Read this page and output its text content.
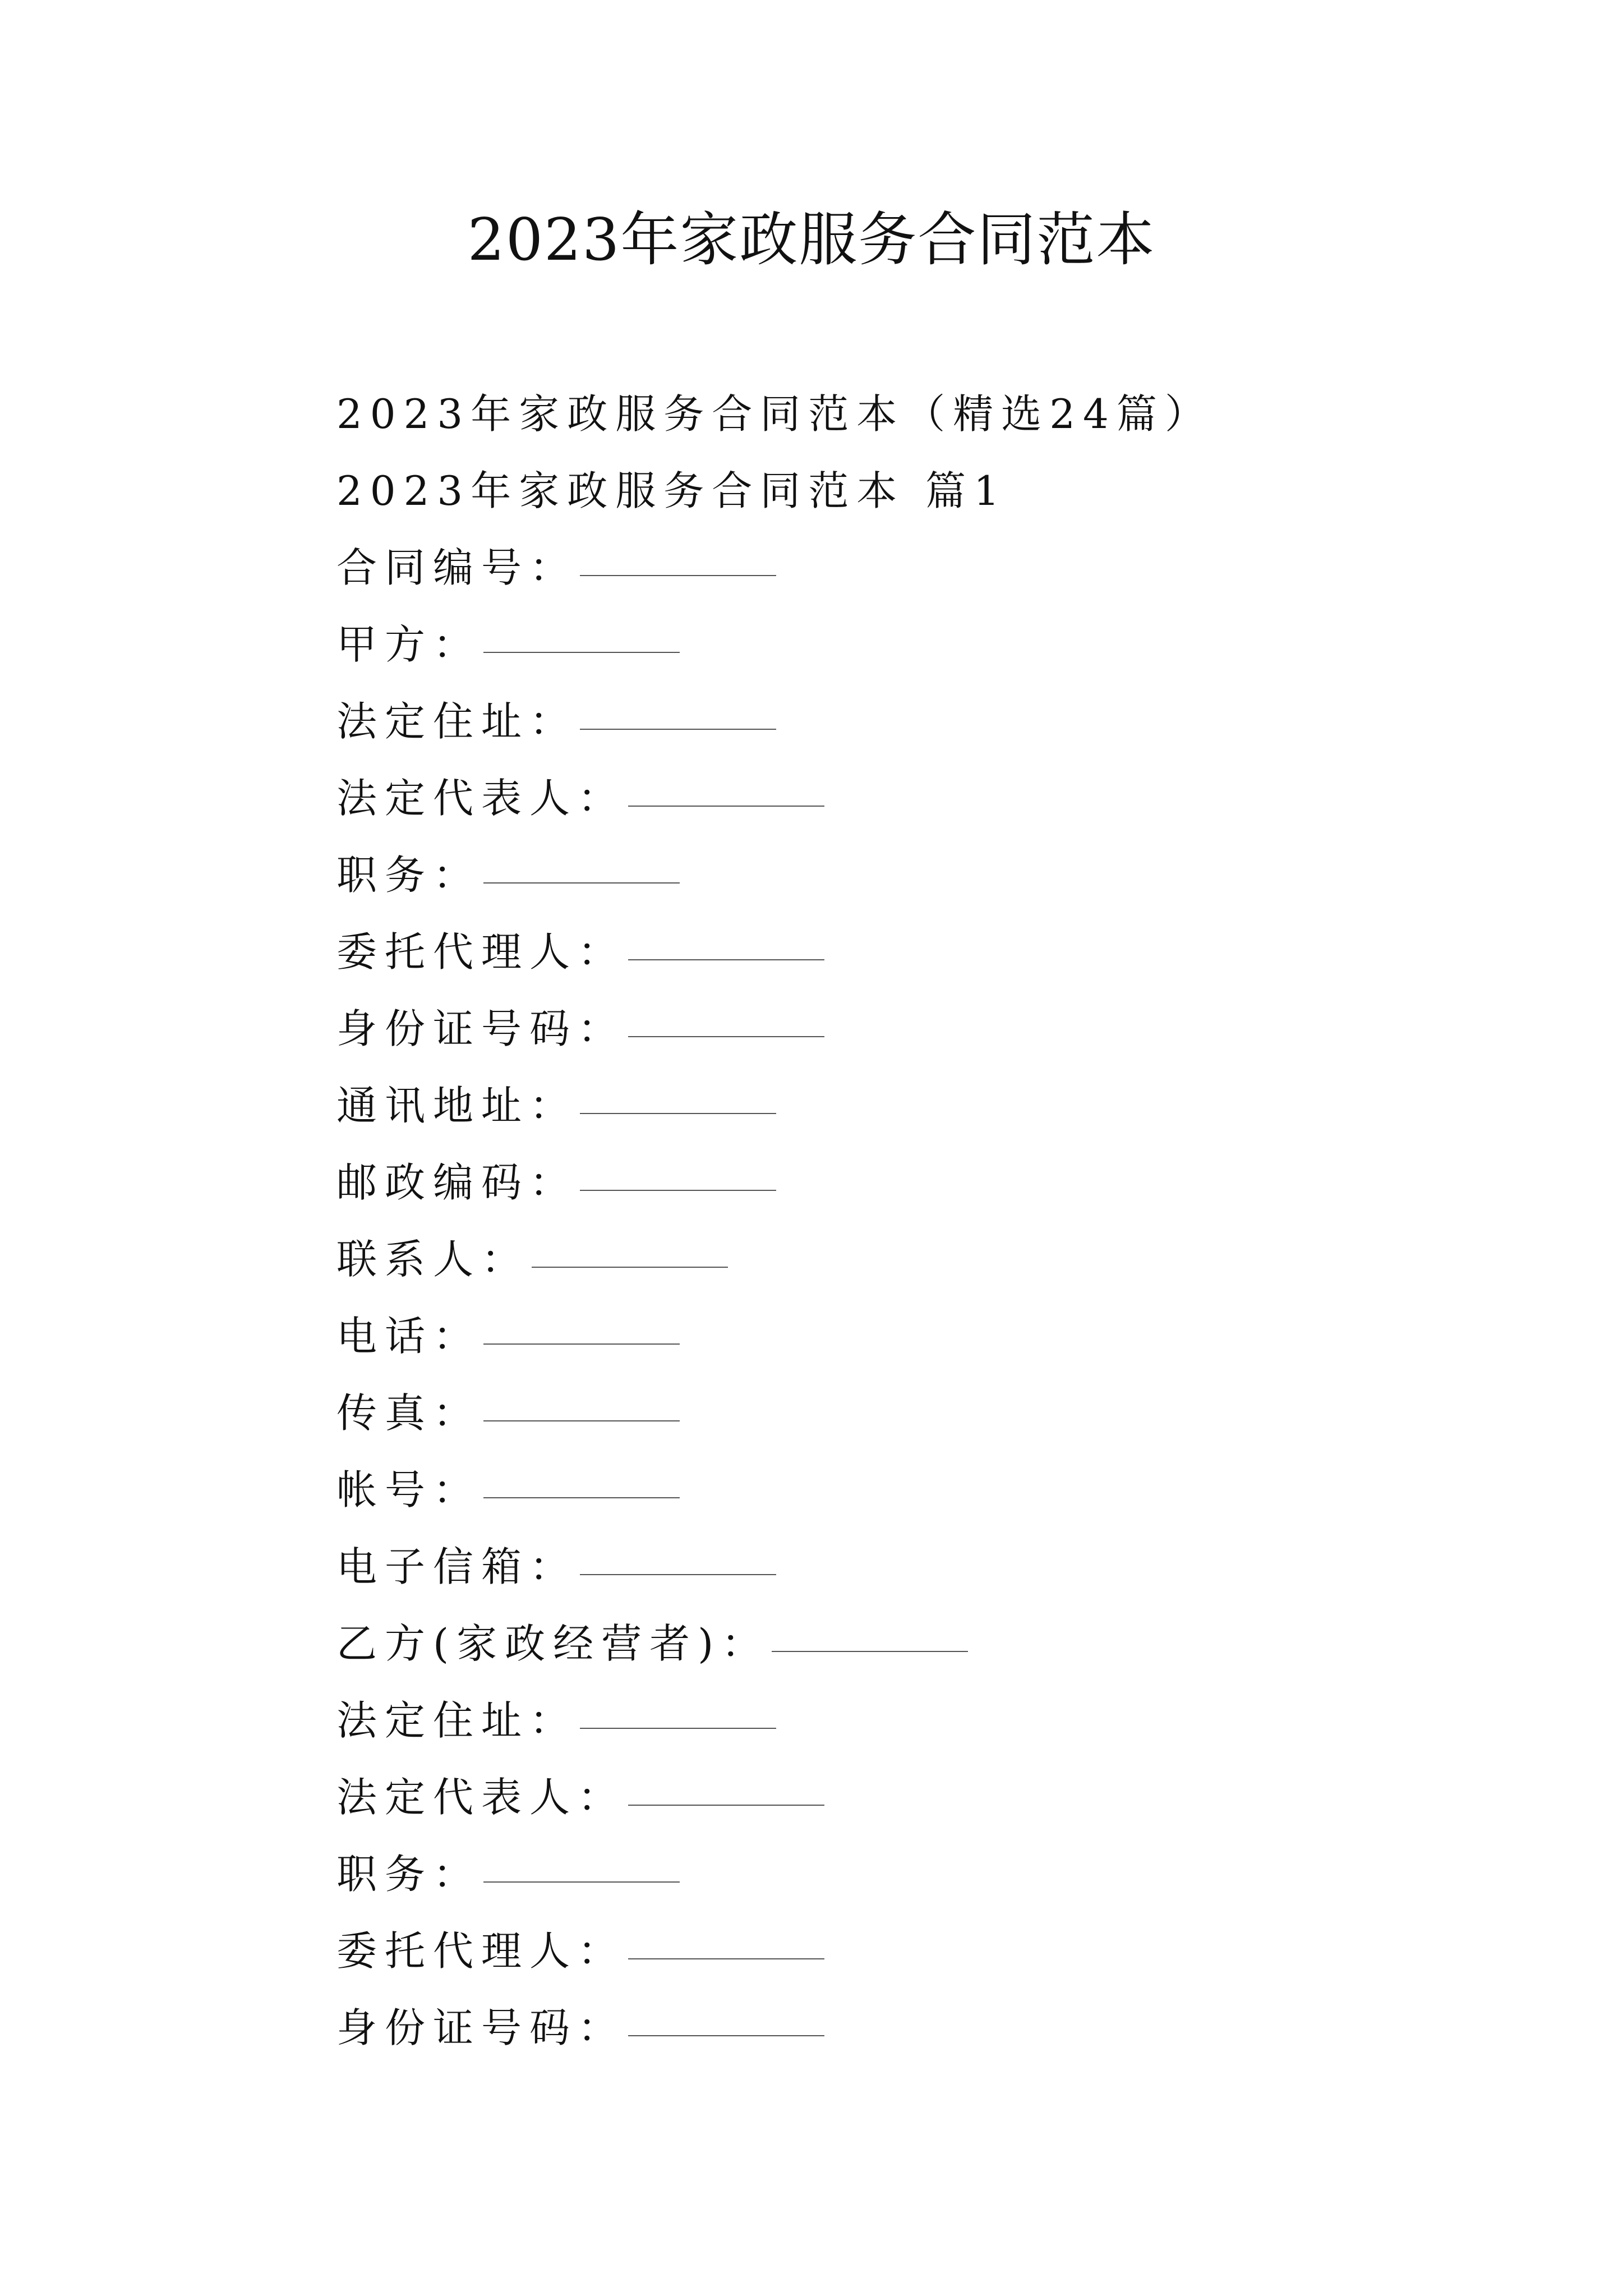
2023年家政服务合同范本
2023年家政服务合同范本（精选24篇）
2023年家政服务合同范本 篇1
合同编号：
甲方：
法定住址：
法定代表人：
职务：
委托代理人：
身份证号码：
通讯地址：
邮政编码：
联系人：
电话：
传真：
帐号：
电子信箱：
乙方(家政经营者)：
法定住址：
法定代表人：
职务：
委托代理人：
身份证号码：
